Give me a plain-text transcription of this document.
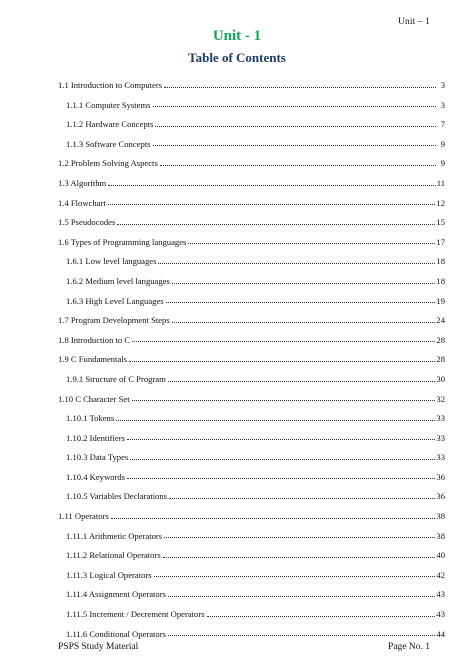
Unit – 1
Unit - 1
Table of Contents
1.1 Introduction to Computers	3
1.1.1 Computer Systems	3
1.1.2 Hardware Concepts	7
1.1.3 Software Concepts	9
1.2 Problem Solving Aspects	9
1.3 Algorithm	11
1.4 Flowchart	12
1.5 Pseudocodes	15
1.6 Types of Programming languages	17
1.6.1 Low level languages	18
1.6.2 Medium level languages	18
1.6.3 High Level Languages	19
1.7 Program Development Steps	24
1.8 Introduction to C	28
1.9 C Fundamentals	28
1.9.1 Structure of C Program	30
1.10 C Character Set	32
1.10.1 Tokens	33
1.10.2 Identifiers	33
1.10.3 Data Types	33
1.10.4 Keywords	36
1.10.5 Variables Declarations	36
1.11 Operators	38
1.11.1 Arithmetic Operators	38
1.11.2 Relational Operators	40
1.11.3 Logical Operators	42
1.11.4 Assignment Operators	43
1.11.5 Increment / Decrement Operators	43
1.11.6 Conditional Operators	44
PSPS Study Material	Page No. 1
